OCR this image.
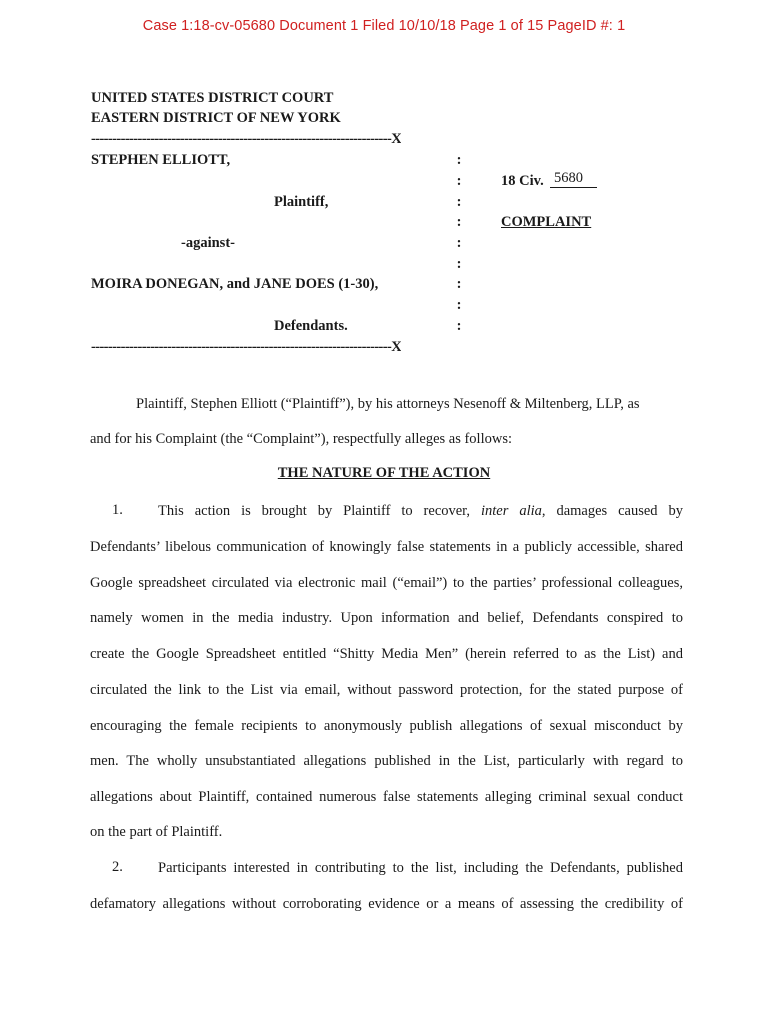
Case 1:18-cv-05680 Document 1 Filed 10/10/18 Page 1 of 15 PageID #: 1
UNITED STATES DISTRICT COURT
EASTERN DISTRICT OF NEW YORK
-----------------------------------------------------------------------X
STEPHEN ELLIOTT,
Plaintiff,
-against-
MOIRA DONEGAN, and JANE DOES (1-30),
Defendants.
:
:
:
:
:
:
:
:
:
-----------------------------------------------------------------------X
18 Civ. 5680
COMPLAINT
Plaintiff, Stephen Elliott (“Plaintiff”), by his attorneys Nesenoff & Miltenberg, LLP, as
and for his Complaint (the “Complaint”), respectfully alleges as follows:
THE NATURE OF THE ACTION
1. This action is brought by Plaintiff to recover, inter alia, damages caused by
Defendants’ libelous communication of knowingly false statements in a publicly accessible, shared
Google spreadsheet circulated via electronic mail (“email”) to the parties’ professional colleagues,
namely women in the media industry. Upon information and belief, Defendants conspired to
create the Google Spreadsheet entitled “Shitty Media Men” (herein referred to as the List) and
circulated the link to the List via email, without password protection, for the stated purpose of
encouraging the female recipients to anonymously publish allegations of sexual misconduct by
men. The wholly unsubstantiated allegations published in the List, particularly with regard to
allegations about Plaintiff, contained numerous false statements alleging criminal sexual conduct
on the part of Plaintiff.
2. Participants interested in contributing to the list, including the Defendants, published
defamatory allegations without corroborating evidence or a means of assessing the credibility of
